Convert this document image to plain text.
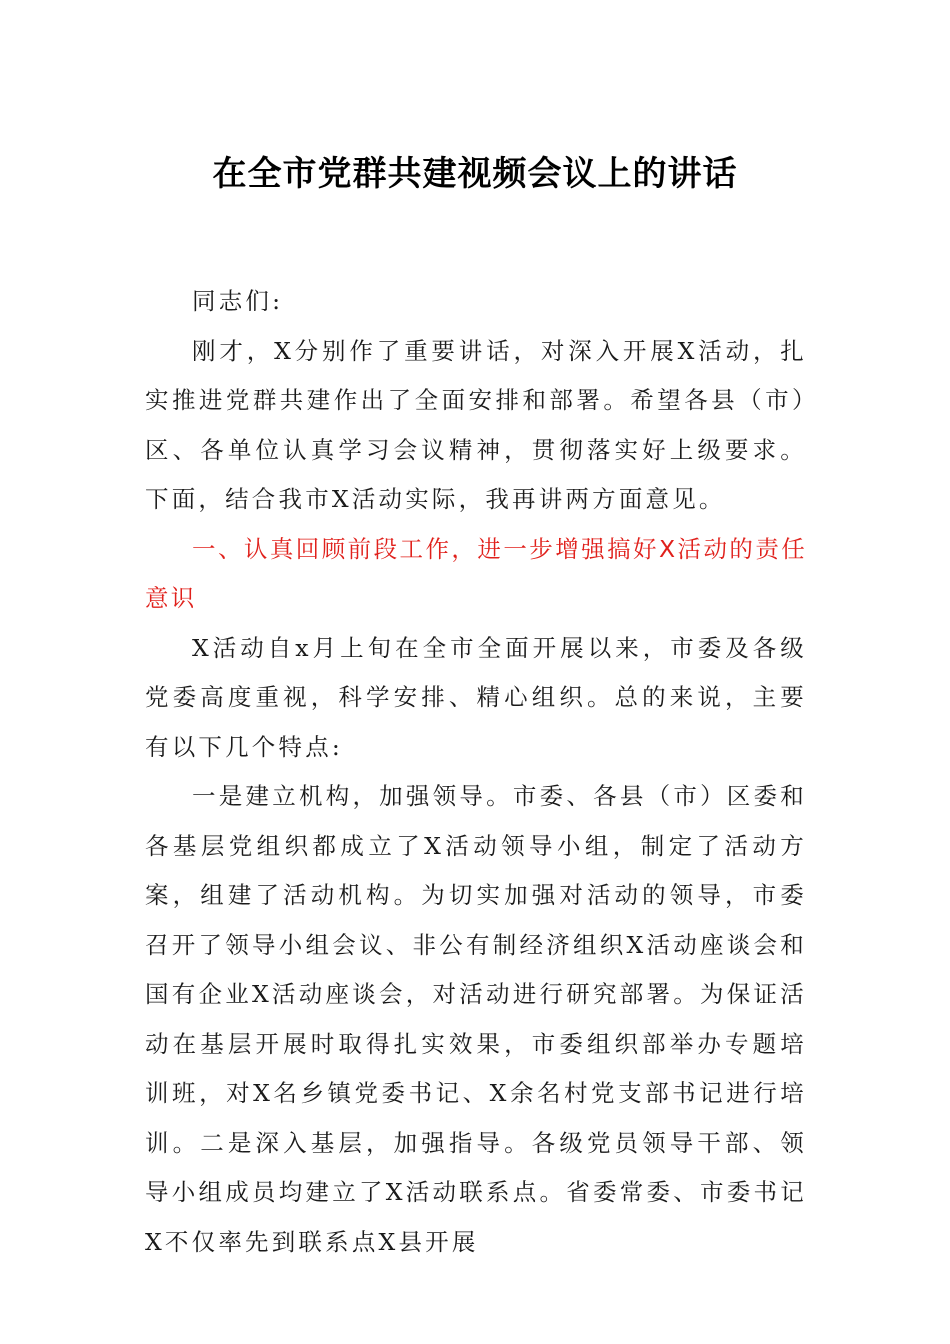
在全市党群共建视频会议上的讲话

同志们:

刚才，X分别作了重要讲话，对深入开展X活动，扎实推进党群共建作出了全面安排和部署。希望各县（市）区、各单位认真学习会议精神，贯彻落实好上级要求。下面，结合我市X活动实际，我再讲两方面意见。

一、认真回顾前段工作，进一步增强搞好X活动的责任意识

X活动自x月上旬在全市全面开展以来，市委及各级党委高度重视，科学安排、精心组织。总的来说，主要有以下几个特点:

一是建立机构，加强领导。市委、各县（市）区委和各基层党组织都成立了X活动领导小组，制定了活动方案，组建了活动机构。为切实加强对活动的领导，市委召开了领导小组会议、非公有制经济组织X活动座谈会和国有企业X活动座谈会，对活动进行研究部署。为保证活动在基层开展时取得扎实效果，市委组织部举办专题培训班，对X名乡镇党委书记、X余名村党支部书记进行培训。二是深入基层，加强指导。各级党员领导干部、领导小组成员均建立了X活动联系点。省委常委、市委书记X不仅率先到联系点X县开展
